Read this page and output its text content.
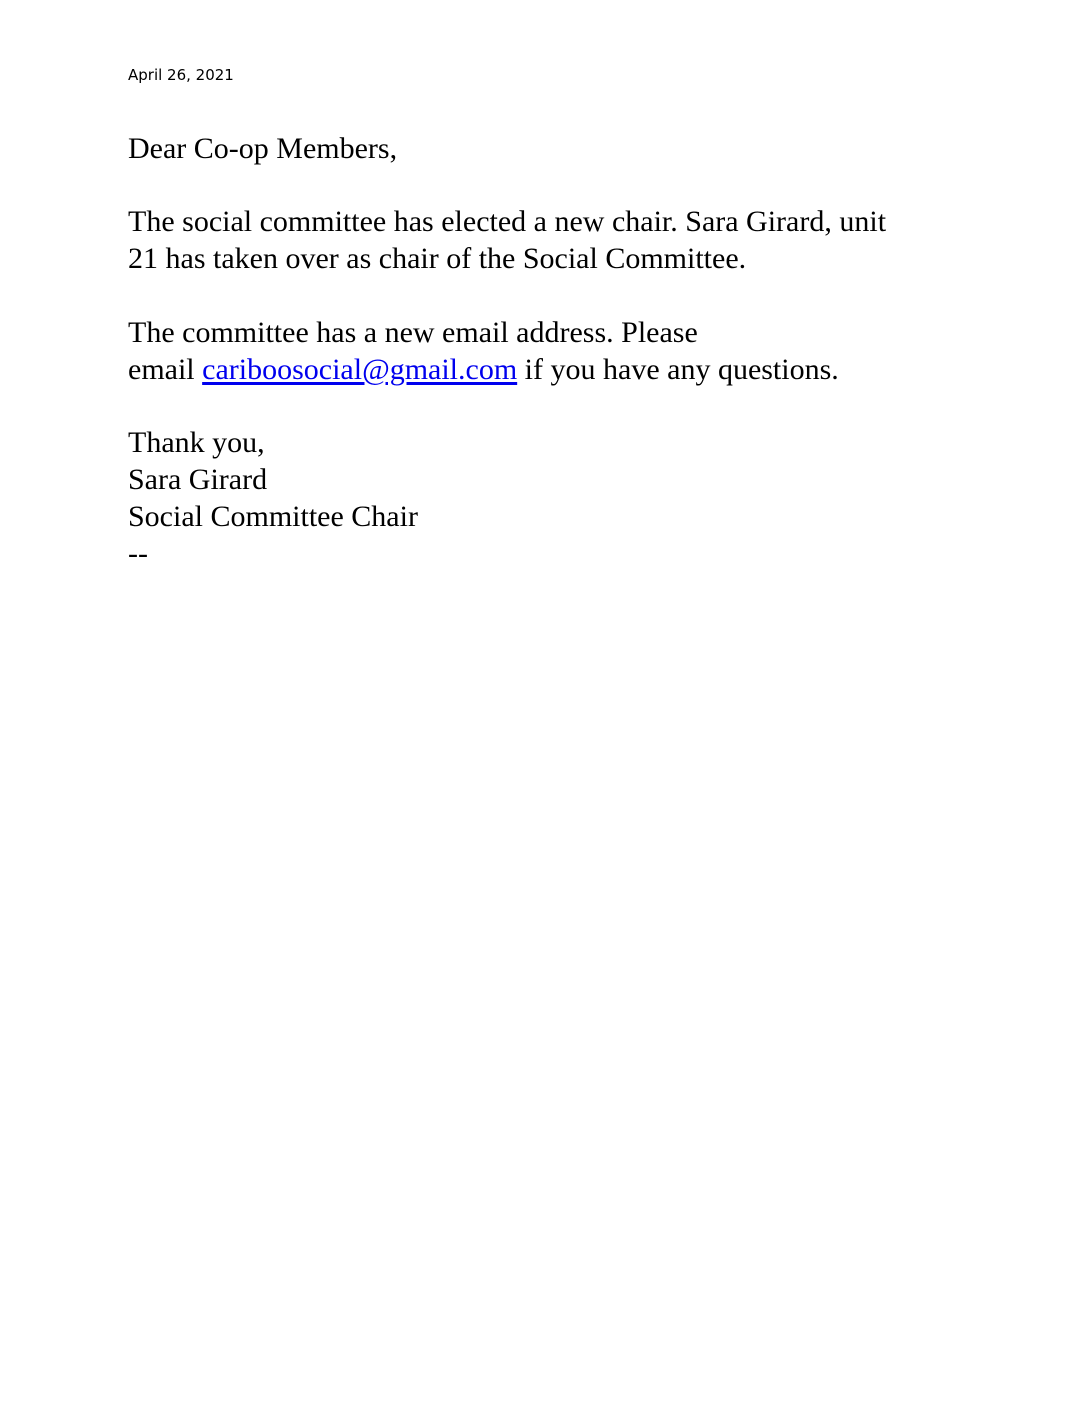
April 26, 2021
Dear Co-op Members,
The social committee has elected a new chair. Sara Girard, unit
21 has taken over as chair of the Social Committee.
The committee has a new email address. Please
email cariboosocial@gmail.com if you have any questions.
Thank you,
Sara Girard
Social Committee Chair
--
